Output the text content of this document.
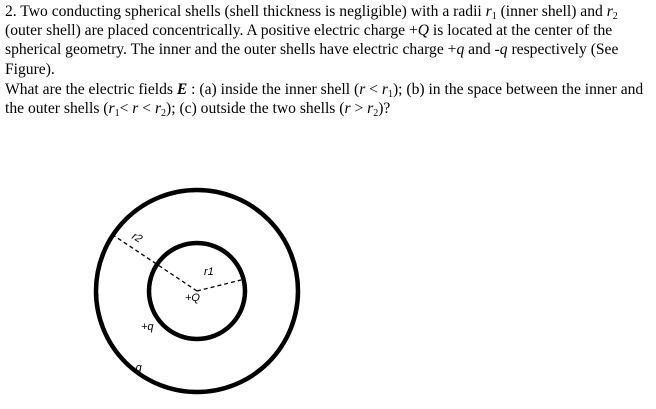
2. Two conducting spherical shells (shell thickness is negligible) with a radii $r_1$ (inner shell) and $r_2$ (outer shell) are placed concentrically. A positive electric charge +Q is located at the center of the spherical geometry. The inner and the outer shells have electric charge +q and -q respectively (See Figure).

What are the electric fields E : (a) inside the inner shell $(r < r_1)$; (b) in the space between the inner and the outer shells $(r_1< r < r_2)$; (c) outside the two shells $(r > r_2)$?

r2
r1
+Q
+q
-q
